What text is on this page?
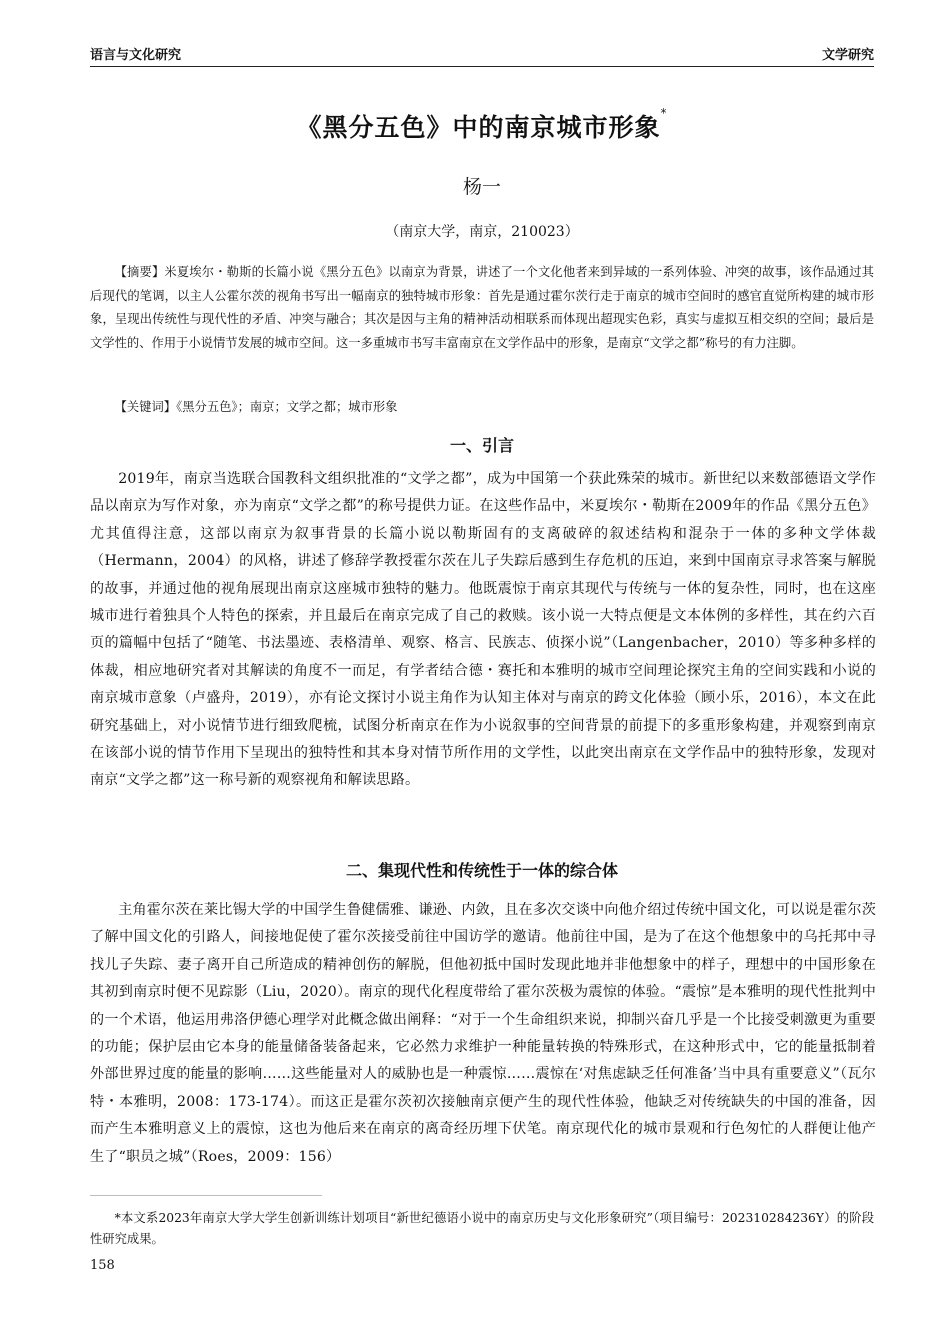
语言与文化研究	文学研究
《黑分五色》中的南京城市形象*
杨一
（南京大学，南京，210023）
【摘要】米夏埃尔・勒斯的长篇小说《黑分五色》以南京为背景，讲述了一个文化他者来到异域的一系列体验、冲突的故事，该作品通过其后现代的笔调，以主人公霍尔茨的视角书写出一幅南京的独特城市形象：首先是通过霍尔茨行走于南京的城市空间时的感官直觉所构建的城市形象，呈现出传统性与现代性的矛盾、冲突与融合；其次是因与主角的精神活动相联系而体现出超现实色彩，真实与虚拟互相交织的空间；最后是文学性的、作用于小说情节发展的城市空间。这一多重城市书写丰富南京在文学作品中的形象，是南京“文学之都”称号的有力注脚。
【关键词】《黑分五色》；南京；文学之都；城市形象
一、引言
2019年，南京当选联合国教科文组织批准的“文学之都”，成为中国第一个获此殊荣的城市。新世纪以来数部德语文学作品以南京为写作对象，亦为南京“文学之都”的称号提供力证。在这些作品中，米夏埃尔・勒斯在2009年的作品《黑分五色》尤其值得注意，这部以南京为叙事背景的长篇小说以勒斯固有的支离破碎的叙述结构和混杂于一体的多种文学体裁（Hermann，2004）的风格，讲述了修辞学教授霍尔茨在儿子失踪后感到生存危机的压迫，来到中国南京寻求答案与解脱的故事，并通过他的视角展现出南京这座城市独特的魅力。他既震惊于南京其现代与传统与一体的复杂性，同时，也在这座城市进行着独具个人特色的探索，并且最后在南京完成了自己的救赎。该小说一大特点便是文本体例的多样性，其在约六百页的篇幅中包括了“随笔、书法墨迹、表格清单、观察、格言、民族志、侦探小说”（Langenbacher，2010）等多种多样的体裁，相应地研究者对其解读的角度不一而足，有学者结合德・赛托和本雅明的城市空间理论探究主角的空间实践和小说的南京城市意象（卢盛舟，2019），亦有论文探讨小说主角作为认知主体对与南京的跨文化体验（顾小乐，2016），本文在此研究基础上，对小说情节进行细致爬梳，试图分析南京在作为小说叙事的空间背景的前提下的多重形象构建，并观察到南京在该部小说的情节作用下呈现出的独特性和其本身对情节所作用的文学性，以此突出南京在文学作品中的独特形象，发现对南京“文学之都”这一称号新的观察视角和解读思路。
二、集现代性和传统性于一体的综合体
主角霍尔茨在莱比锡大学的中国学生鲁健儒雅、谦逊、内敛，且在多次交谈中向他介绍过传统中国文化，可以说是霍尔茨了解中国文化的引路人，间接地促使了霍尔茨接受前往中国访学的邀请。他前往中国，是为了在这个他想象中的乌托邦中寻找儿子失踪、妻子离开自己所造成的精神创伤的解脱，但他初抵中国时发现此地并非他想象中的样子，理想中的中国形象在其初到南京时便不见踪影（Liu，2020）。南京的现代化程度带给了霍尔茨极为震惊的体验。“震惊”是本雅明的现代性批判中的一个术语，他运用弗洛伊德心理学对此概念做出阐释：“对于一个生命组织来说，抑制兴奋几乎是一个比接受刺激更为重要的功能；保护层由它本身的能量储备装备起来，它必然力求维护一种能量转换的特殊形式，在这种形式中，它的能量抵制着外部世界过度的能量的影响……这些能量对人的威胁也是一种震惊……震惊在‘对焦虑缺乏任何准备’当中具有重要意义”（瓦尔特・本雅明，2008：173-174）。而这正是霍尔茨初次接触南京便产生的现代性体验，他缺乏对传统缺失的中国的准备，因而产生本雅明意义上的震惊，这也为他后来在南京的离奇经历埋下伏笔。南京现代化的城市景观和行色匆忙的人群便让他产生了“职员之城”（Roes，2009：156）
*本文系2023年南京大学大学生创新训练计划项目“新世纪德语小说中的南京历史与文化形象研究”（项目编号：202310284236Y）的阶段性研究成果。
158
